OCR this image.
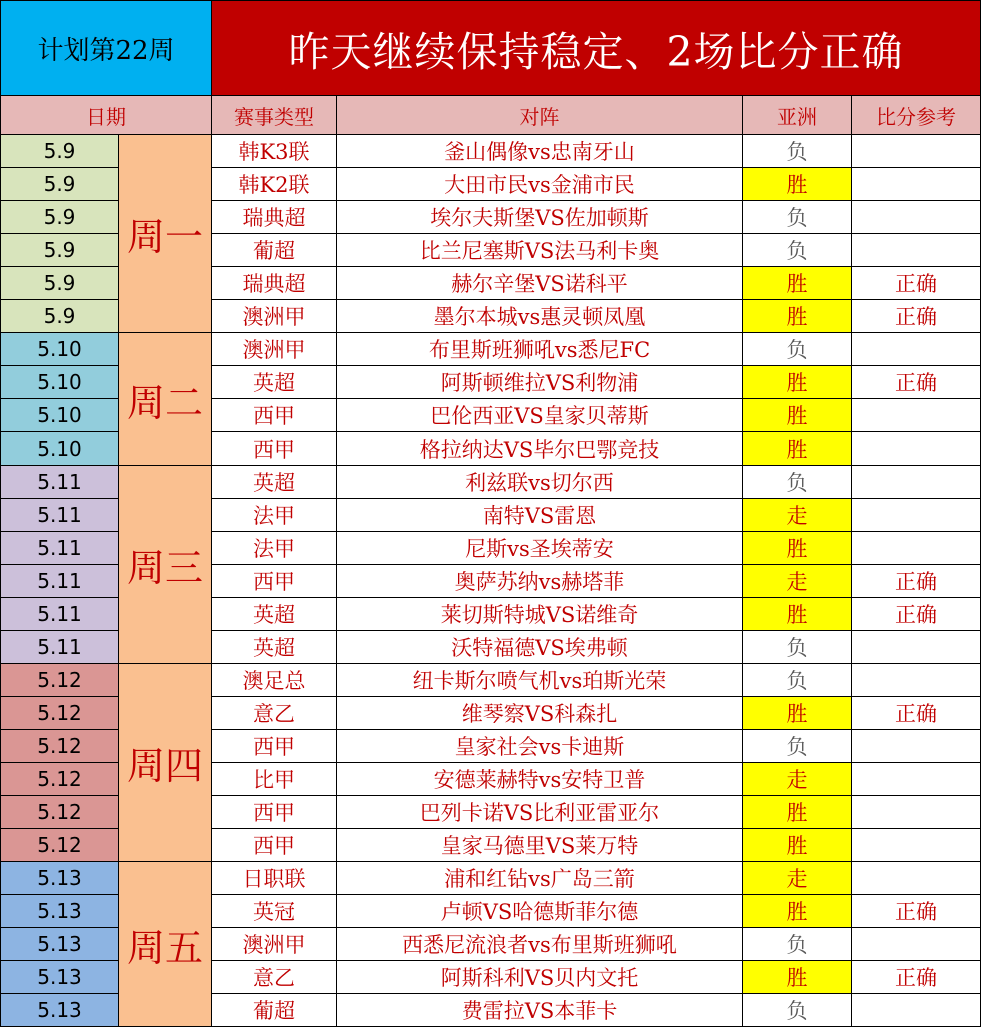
计划第22周	昨天继续保持稳定、2场比分正确
日期	赛事类型	对阵	亚洲	比分参考
5.9	韩K3联	釜山偶像vs忠南牙山	负
5.9	韩K2联	大田市民vs金浦市民	胜
5.9	瑞典超	埃尔夫斯堡VS佐加顿斯	负
5.9	葡超	比兰尼塞斯VS法马利卡奥	负
5.9	瑞典超	赫尔辛堡VS诺科平	胜	正确
5.9	澳洲甲	墨尔本城vs惠灵顿凤凰	胜	正确
周一
5.10	澳洲甲	布里斯班狮吼vs悉尼FC	负
5.10	英超	阿斯顿维拉VS利物浦	胜	正确
5.10	西甲	巴伦西亚VS皇家贝蒂斯	胜
5.10	西甲	格拉纳达VS毕尔巴鄂竞技	胜
周二
5.11	英超	利兹联vs切尔西	负
5.11	法甲	南特VS雷恩	走
5.11	法甲	尼斯vs圣埃蒂安	胜
5.11	西甲	奥萨苏纳vs赫塔菲	走	正确
5.11	英超	莱切斯特城VS诺维奇	胜	正确
5.11	英超	沃特福德VS埃弗顿	负
周三
5.12	澳足总	纽卡斯尔喷气机vs珀斯光荣	负
5.12	意乙	维琴察VS科森扎	胜	正确
5.12	西甲	皇家社会vs卡迪斯	负
5.12	比甲	安德莱赫特vs安特卫普	走
5.12	西甲	巴列卡诺VS比利亚雷亚尔	胜
5.12	西甲	皇家马德里VS莱万特	胜
周四
5.13	日职联	浦和红钻vs广岛三箭	走
5.13	英冠	卢顿VS哈德斯菲尔德	胜	正确
5.13	澳洲甲	西悉尼流浪者vs布里斯班狮吼	负
5.13	意乙	阿斯科利VS贝内文托	胜	正确
5.13	葡超	费雷拉VS本菲卡	负
周五
